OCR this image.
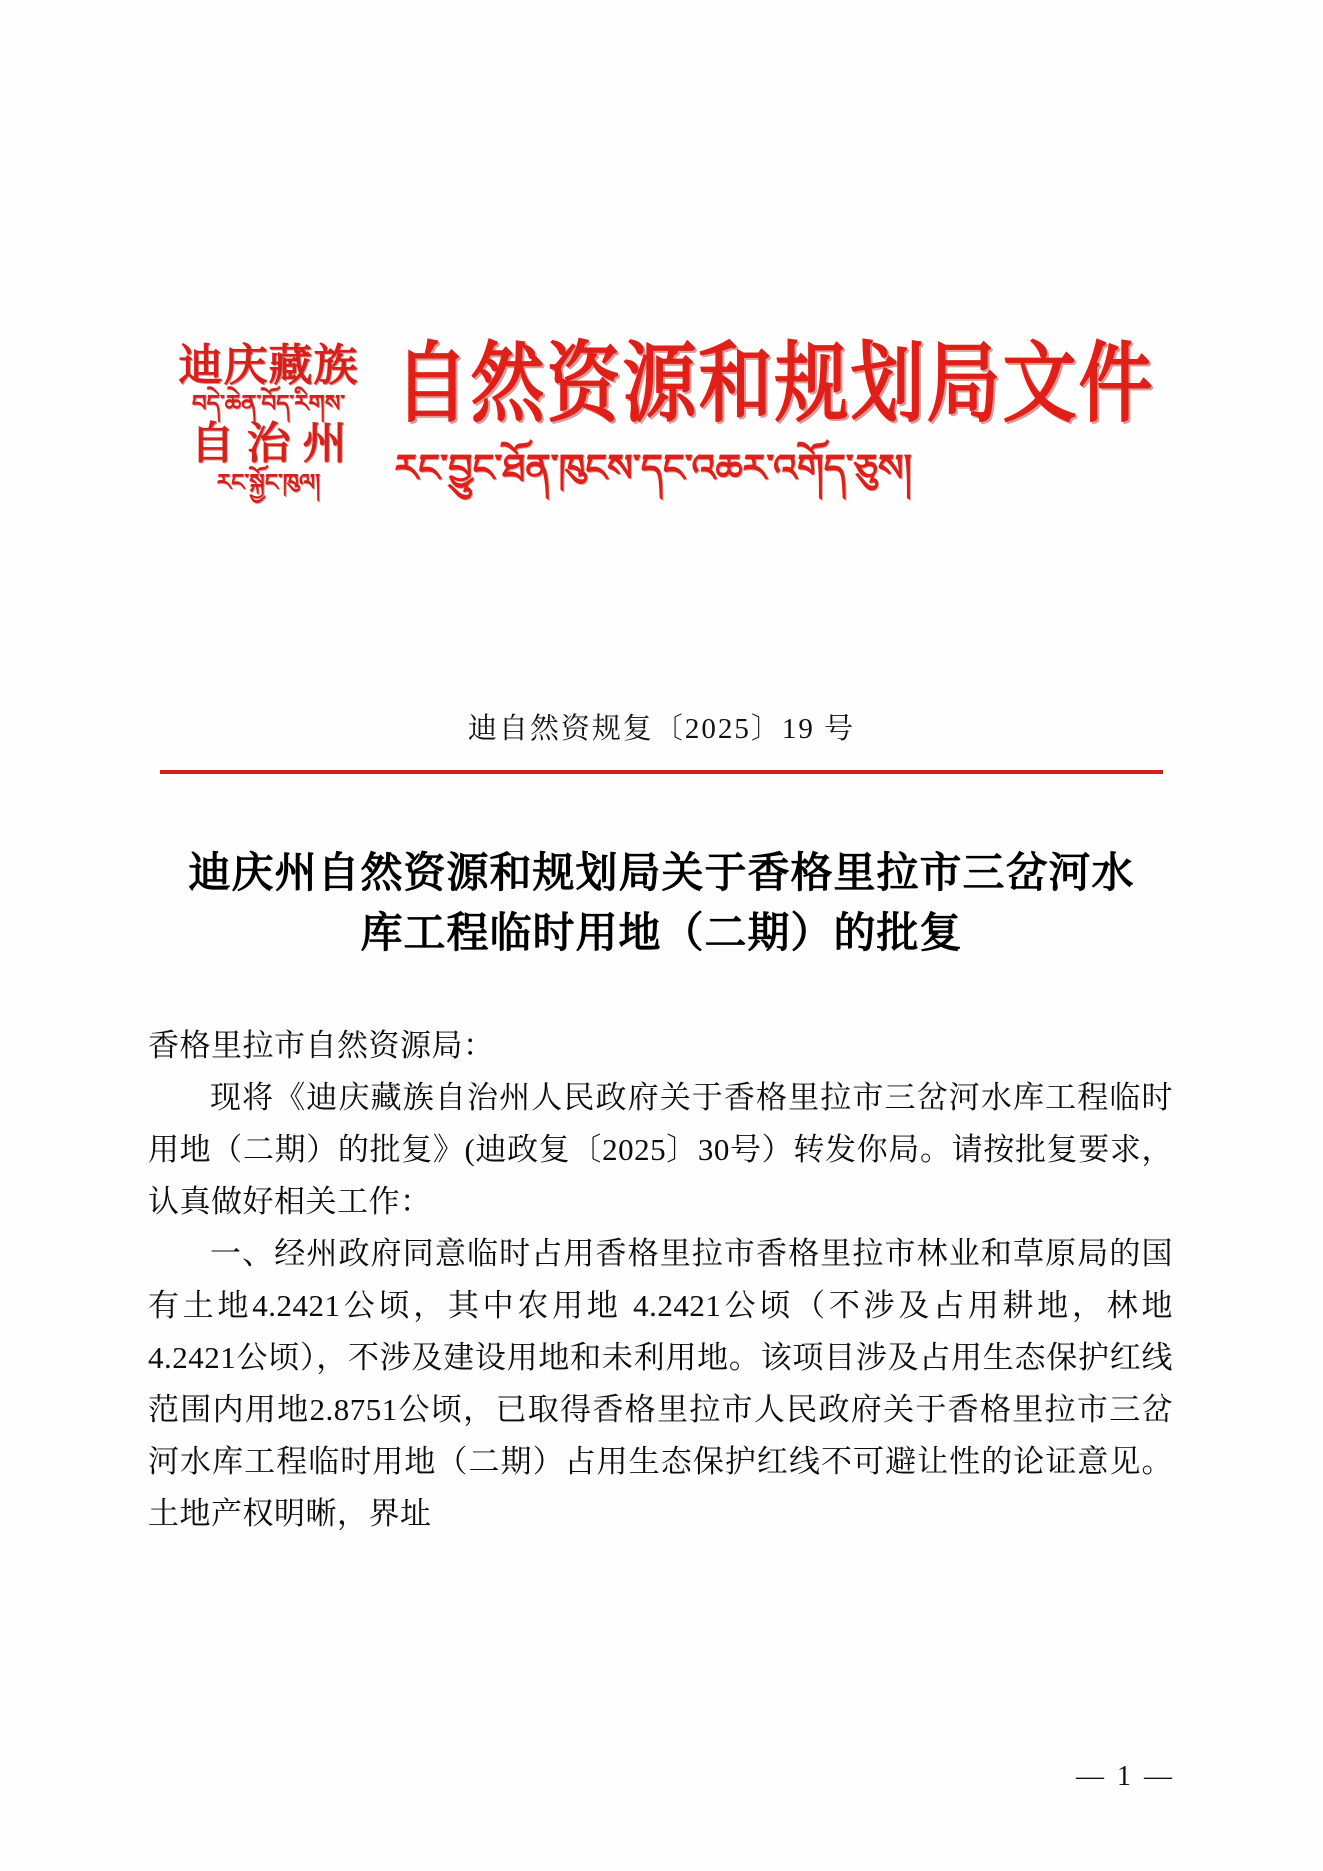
迪庆藏族
བདེ་ཆེན་བོད་རིགས་
自治州
རང་སྐྱོང་ཁུལ།
自然资源和规划局文件
རང་བྱུང་ཐོན་ཁུངས་དང་འཆར་འགོད་ཅུས།
迪自然资规复〔2025〕19 号
迪庆州自然资源和规划局关于香格里拉市三岔河水库工程临时用地（二期）的批复

香格里拉市自然资源局：

现将《迪庆藏族自治州人民政府关于香格里拉市三岔河水库工程临时用地（二期）的批复》(迪政复〔2025〕30号）转发你局。请按批复要求，认真做好相关工作：

一、经州政府同意临时占用香格里拉市香格里拉市林业和草原局的国有土地4.2421公顷，其中农用地 4.2421公顷（不涉及占用耕地，林地4.2421公顷），不涉及建设用地和未利用地。该项目涉及占用生态保护红线范围内用地2.8751公顷，已取得香格里拉市人民政府关于香格里拉市三岔河水库工程临时用地（二期）占用生态保护红线不可避让性的论证意见。土地产权明晰，界址

— 1 —
